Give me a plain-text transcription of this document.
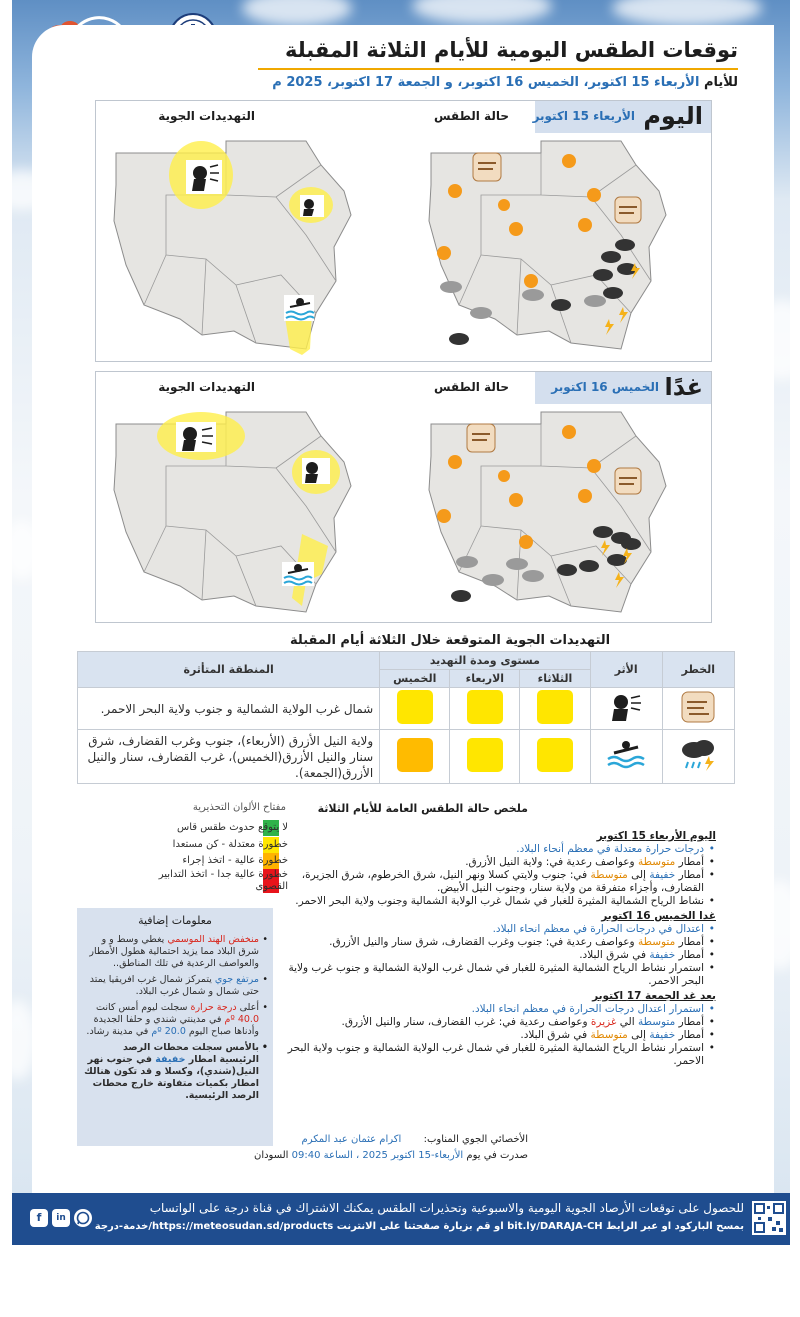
توقعات الطقس اليومية للأيام الثلاثة المقبلة
للأيام الأربعاء 15 اكتوبر، الخميس 16 اكتوبر، و الجمعة 17 اكتوبر، 2025 م
التهديدات الجوية	حالة الطقس	اليوم
الأربعاء 15 اكتوبر
التهديدات الجوية	حالة الطقس	غدًا
الخميس 16 اكتوبر
التهديدات الجوية المتوقعة خلال الثلاثة أيام المقبلة
المنطقة المتأثرة	مستوى ومدة التهديد			الأثر	الخطر
	الخميس	الاربعاء	الثلاثاء		
شمال غرب الولاية الشمالية و جنوب ولاية البحر الاحمر.					
ولاية النيل الأزرق (الأربعاء)، جنوب وغرب القضارف، شرق سنار والنيل الأزرق(الخميس)، غرب القضارف، سنار والنيل الأزرق(الجمعة).					
مفتاح الألوان التحذيرية
لا يتوقع حدوث طقس قاس
خطورة معتدلة - كن مستعدا
خطورة عالية - اتخذ إجراء
خطورة عالية جدا - اتخذ التدابير القصوى
معلومات إضافية
• منخفض الهند الموسمي يغطي وسط و و شرق البلاد مما يزيد احتمالية هطول الأمطار والعواصف الرعدية في تلك المناطق..
• مرتفع جوي يتمركز شمال غرب افريقيا يمتد حتى شمال و شمال غرب البلاد.
• أعلى درجة حرارة سجلت ليوم أمس كانت 40.0 ºم في مدينتي شندي و حلفا الجديدة وأدناها صباح اليوم 20.0 ºم في مدينة رشاد.
• بالأمس سجلت محطات الرصد الرئيسية امطار خفيفة في جنوب نهر النيل(شندي)، وكسلا و قد تكون هنالك امطار بكميات متفاوتة خارج محطات الرصد الرئيسية.
ملخص حالة الطقس العامة للأيام الثلاثة
اليوم الأربعاء 15 اكتوبر
• درجات حرارة معتدلة في معظم أنحاء البلاد.
• أمطار متوسطة وعواصف رعدية في: ولاية النيل الأزرق.
• أمطار خفيفة إلى متوسطة في: جنوب ولايتي كسلا ونهر النيل، شرق الخرطوم، شرق الجزيرة، القضارف، وأجزاء متفرقة من ولاية سنار، وجنوب النيل الأبيض.
• نشاط الرياح الشمالية المثيرة للغبار في شمال غرب الولاية الشمالية وجنوب ولاية البحر الاحمر.
غدا الخميس 16 اكتوبر
• اعتدال في درجات الحرارة في معظم انحاء البلاد.
• أمطار متوسطة وعواصف رعدية في: جنوب وغرب القضارف، شرق سنار والنيل الأزرق.
• أمطار خفيفة في شرق البلاد.
• استمرار نشاط الرياح الشمالية المثيرة للغبار في شمال غرب الولاية الشمالية و جنوب غرب ولاية البحر الاحمر.
بعد غد الجمعة 17 اكتوبر
• استمرار اعتدال درجات الحرارة في معظم انحاء البلاد.
• أمطار متوسطة الي غزيرة وعواصف رعدية في: غرب القضارف، سنار والنيل الأزرق.
• أمطار خفيفة إلى متوسطة في شرق البلاد.
• استمرار نشاط الرياح الشمالية المثيرة للغبار في شمال غرب الولاية الشمالية و جنوب ولاية البحر الاحمر.
الأخصائي الجوي المناوب:       اكرام عثمان عبد المكرم
صدرت في يوم الأربعاء-15 اكتوبر 2025 ، الساعة 09:40 السودان
للحصول على توقعات الأرصاد الجوية اليومية والاسبوعية وتحذيرات الطقس يمكنك الاشتراك في قناة درجة على الواتساب
بمسح الباركود او عبر الرابط bit.ly/DARAJA-CH او قم بزيارة صفحتنا على الانترنت https://meteosudan.sd/products/خدمة-درجة
f	in
